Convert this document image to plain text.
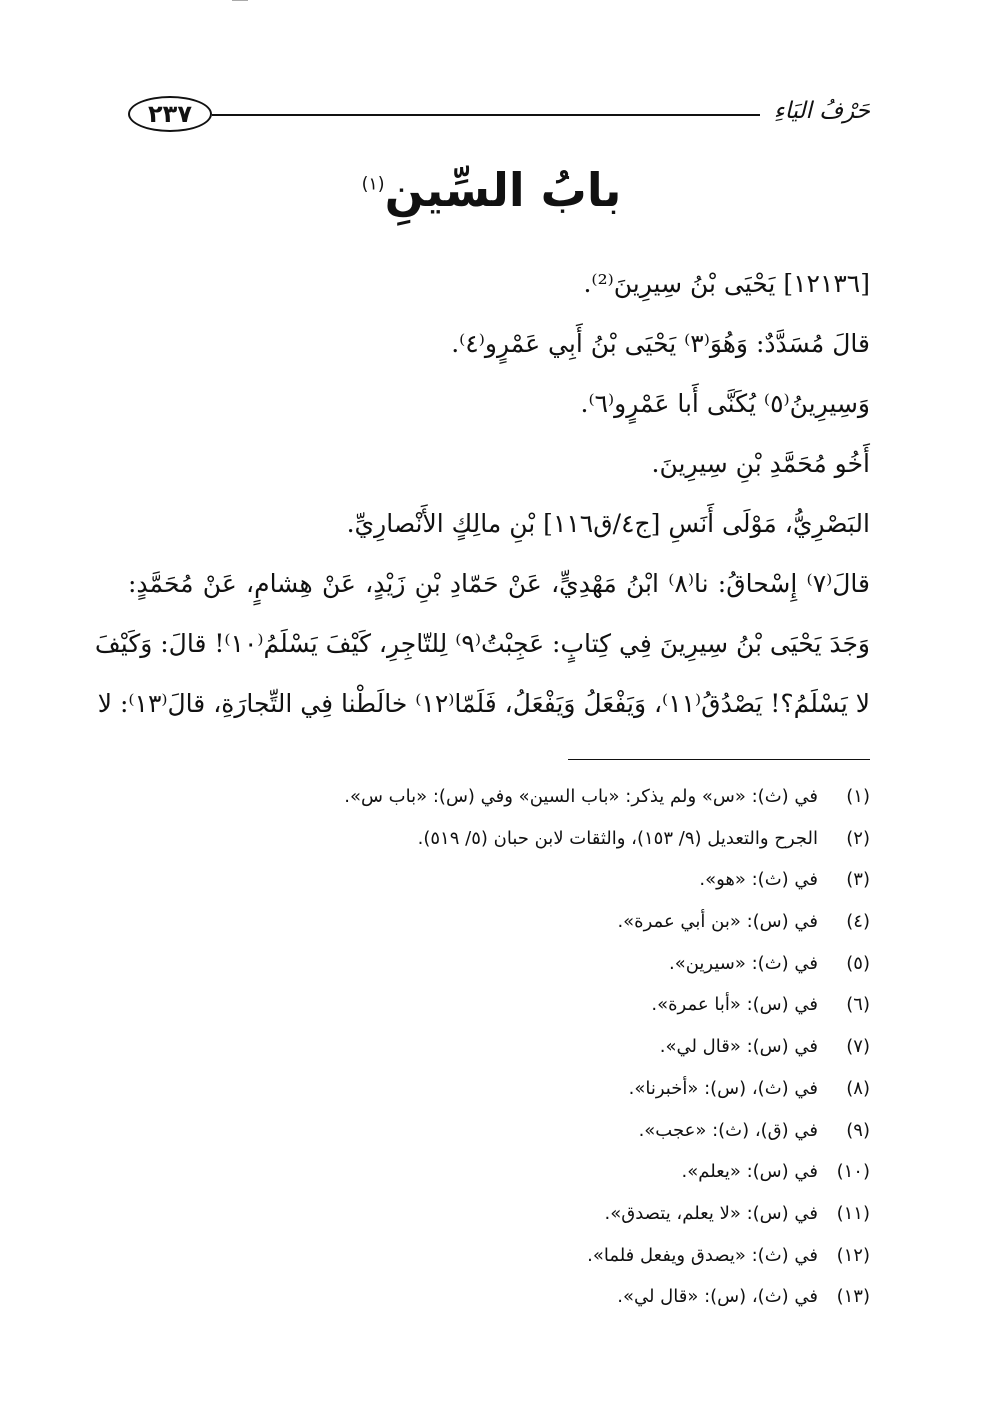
٢٣٧	حَرْفُ اليَاءِ
بابُ السِّينِ$^{(١)}$
[١٢١٣٦] يَحْيَى بْنُ سِيرِينَ⁽²⁾.
قالَ مُسَدَّدٌ: وَهُوَ⁽٣⁾ يَحْيَى بْنُ أَبِي عَمْرٍو⁽٤⁾.
وَسِيرِينُ⁽٥⁾ يُكَنَّى أَبا عَمْرٍو⁽٦⁾.
أَخُو مُحَمَّدِ بْنِ سِيرِينَ.
البَصْرِيُّ، مَوْلَى أَنَسِ [ج٤/ق١١٦] بْنِ مالِكٍ الأَنْصارِيِّ.
قالَ⁽٧⁾ إِسْحاقُ: نا⁽٨⁾ ابْنُ مَهْدِيٍّ، عَنْ حَمّادِ بْنِ زَيْدٍ، عَنْ هِشامٍ، عَنْ مُحَمَّدٍ:
وَجَدَ يَحْيَى بْنُ سِيرِينَ فِي كِتابٍ: عَجِبْتُ⁽٩⁾ لِلتّاجِرِ، كَيْفَ يَسْلَمُ⁽١٠⁾! قالَ: وَكَيْفَ
لا يَسْلَمُ؟! يَصْدُقُ⁽١١⁾، وَيَفْعَلُ وَيَفْعَلُ، فَلَمّا⁽١٢⁾ خالَطْنا فِي التِّجارَةِ، قالَ⁽١٣⁾: لا
(١)في (ث): «س» ولم يذكر: «باب السين» وفي (س): «باب س».
(٢)الجرح والتعديل (٩/ ١٥٣)، والثقات لابن حبان (٥/ ٥١٩).
(٣)في (ث): «هو».
(٤)في (س): «بن أبي عمرة».
(٥)في (ث): «سيرين».
(٦)في (س): «أبا عمرة».
(٧)في (س): «قال لي».
(٨)في (ث)، (س): «أخبرنا».
(٩)في (ق)، (ث): «عجب».
(١٠)في (س): «يعلم».
(١١)في (س): «لا يعلم، يتصدق».
(١٢)في (ث): «يصدق ويفعل فلما».
(١٣)في (ث)، (س): «قال لي».
